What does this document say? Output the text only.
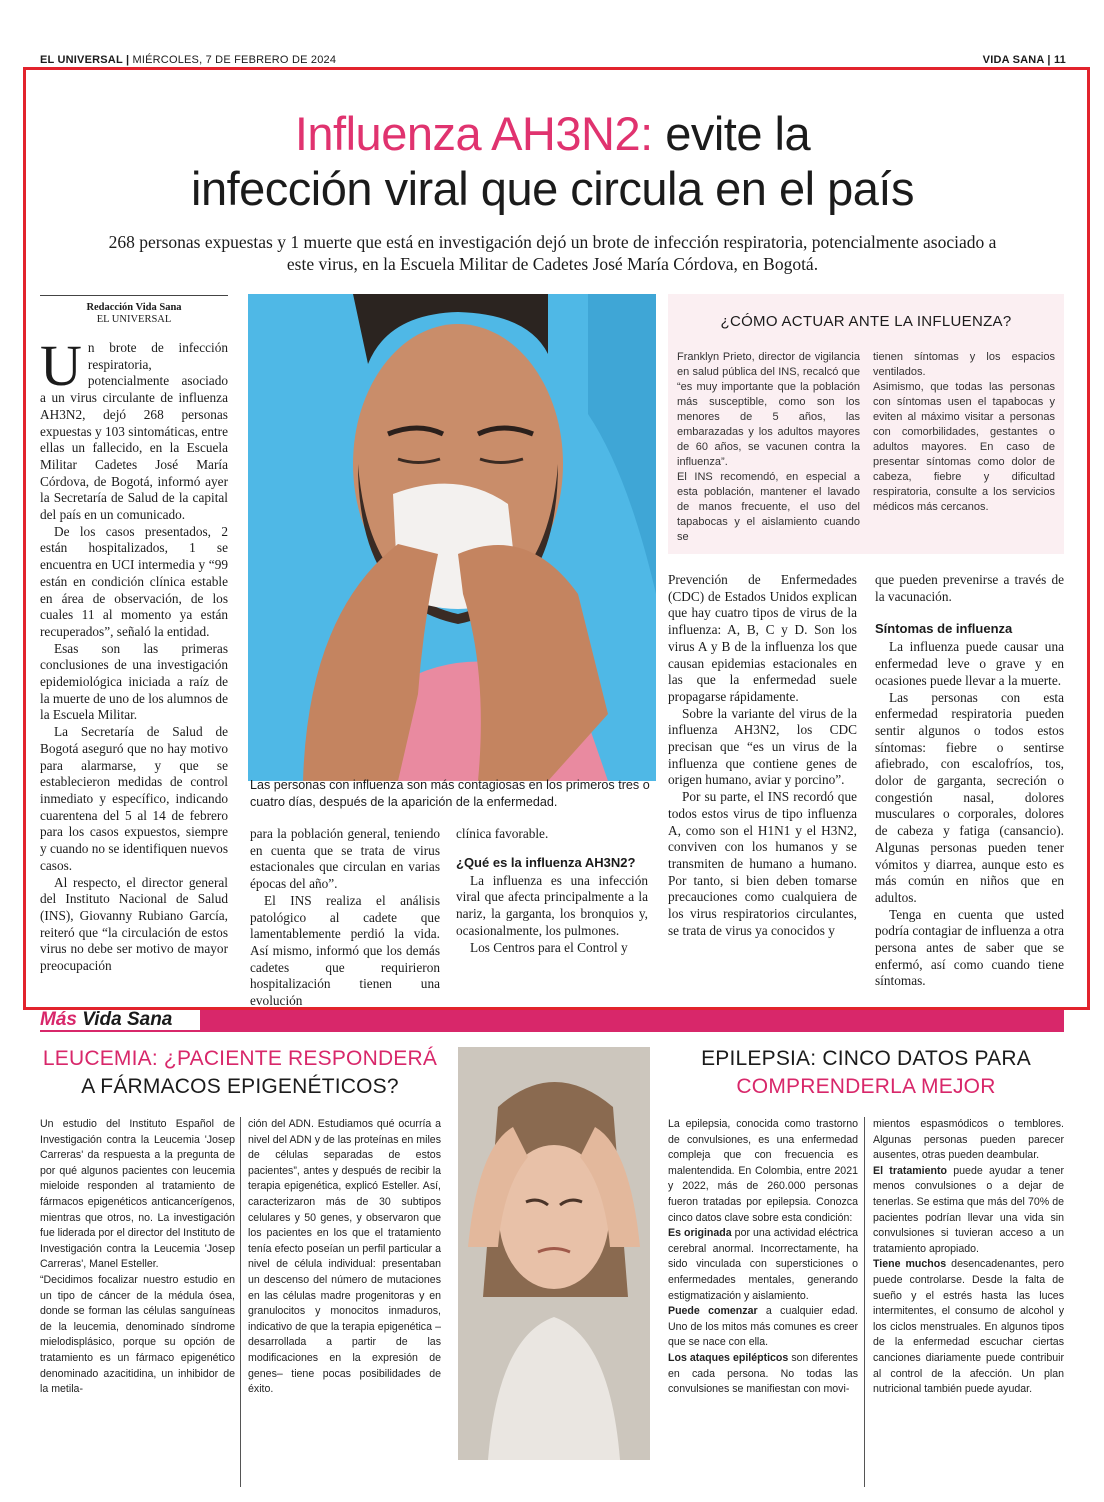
EL UNIVERSAL | MIÉRCOLES, 7 DE FEBRERO DE 2024	VIDA SANA | 11
Influenza AH3N2: evite la
infección viral que circula en el país

268 personas expuestas y 1 muerte que está en investigación dejó un brote de infección respiratoria, potencialmente asociado a este virus, en la Escuela Militar de Cadetes José María Córdova, en Bogotá.

Redacción Vida Sana
EL UNIVERSAL

Un brote de infección respiratoria, potencialmente asociado a un virus circulante de influenza AH3N2, dejó 268 personas expuestas y 103 sintomáticas, entre ellas un fallecido, en la Escuela Militar Cadetes José María Córdova, de Bogotá, informó ayer la Secretaría de Salud de la capital del país en un comunicado.

De los casos presentados, 2 están hospitalizados, 1 se encuentra en UCI intermedia y “99 están en condición clínica estable en área de observación, de los cuales 11 al momento ya están recuperados”, señaló la entidad.

Esas son las primeras conclusiones de una investigación epidemiológica iniciada a raíz de la muerte de uno de los alumnos de la Escuela Militar.

La Secretaría de Salud de Bogotá aseguró que no hay motivo para alarmarse, y que se establecieron medidas de control inmediato y específico, indicando cuarentena del 5 al 14 de febrero para los casos expuestos, siempre y cuando no se identifiquen nuevos casos.

Al respecto, el director general del Instituto Nacional de Salud (INS), Giovanny Rubiano García, reiteró que “la circulación de estos virus no debe ser motivo de mayor preocupación

Las personas con influenza son más contagiosas en los primeros tres o cuatro días, después de la aparición de la enfermedad.

¿CÓMO ACTUAR ANTE LA INFLUENZA?

Franklyn Prieto, director de vigilancia en salud pública del INS, recalcó que “es muy importante que la población más susceptible, como son los menores de 5 años, las embarazadas y los adultos mayores de 60 años, se vacunen contra la influenza”.

El INS recomendó, en especial a esta población, mantener el lavado de manos frecuente, el uso del tapabocas y el aislamiento cuando se

tienen síntomas y los espacios ventilados.

Asimismo, que todas las personas con síntomas usen el tapabocas y eviten al máximo visitar a personas con comorbilidades, gestantes o adultos mayores. En caso de presentar síntomas como dolor de cabeza, fiebre y dificultad respiratoria, consulte a los servicios médicos más cercanos.

para la población general, teniendo en cuenta que se trata de virus estacionales que circulan en varias épocas del año”.

El INS realiza el análisis patológico al cadete que lamentablemente perdió la vida. Así mismo, informó que los demás cadetes que requirieron hospitalización tienen una evolución

clínica favorable.

¿Qué es la influenza AH3N2?

La influenza es una infección viral que afecta principalmente a la nariz, la garganta, los bronquios y, ocasionalmente, los pulmones.

Los Centros para el Control y

Prevención de Enfermedades (CDC) de Estados Unidos explican que hay cuatro tipos de virus de la influenza: A, B, C y D. Son los virus A y B de la influenza los que causan epidemias estacionales en las que la enfermedad suele propagarse rápidamente.

Sobre la variante del virus de la influenza AH3N2, los CDC precisan que “es un virus de la influenza que contiene genes de origen humano, aviar y porcino”.

Por su parte, el INS recordó que todos estos virus de tipo influenza A, como son el H1N1 y el H3N2, conviven con los humanos y se transmiten de humano a humano. Por tanto, si bien deben tomarse precauciones como cualquiera de los virus respiratorios circulantes, se trata de virus ya conocidos y

que pueden prevenirse a través de la vacunación.

Síntomas de influenza

La influenza puede causar una enfermedad leve o grave y en ocasiones puede llevar a la muerte.

Las personas con esta enfermedad respiratoria pueden sentir algunos o todos estos síntomas: fiebre o sentirse afiebrado, con escalofríos, tos, dolor de garganta, secreción o congestión nasal, dolores musculares o corporales, dolores de cabeza y fatiga (cansancio). Algunas personas pueden tener vómitos y diarrea, aunque esto es más común en niños que en adultos.

Tenga en cuenta que usted podría contagiar de influenza a otra persona antes de saber que se enfermó, así como cuando tiene síntomas.

Más Vida Sana
LEUCEMIA: ¿PACIENTE RESPONDERÁ
A FÁRMACOS EPIGENÉTICOS?

Un estudio del Instituto Español de Investigación contra la Leucemia 'Josep Carreras' da respuesta a la pregunta de por qué algunos pacientes con leucemia mieloide responden al tratamiento de fármacos epigenéticos anticancerígenos, mientras que otros, no. La investigación fue liderada por el director del Instituto de Investigación contra la Leucemia 'Josep Carreras', Manel Esteller.

“Decidimos focalizar nuestro estudio en un tipo de cáncer de la médula ósea, donde se forman las células sanguíneas de la leucemia, denominado síndrome mielodisplásico, porque su opción de tratamiento es un fármaco epigenético denominado azacitidina, un inhibidor de la metila-

ción del ADN. Estudiamos qué ocurría a nivel del ADN y de las proteínas en miles de células separadas de estos pacientes”, antes y después de recibir la terapia epigenética, explicó Esteller. Así, caracterizaron más de 30 subtipos celulares y 50 genes, y observaron que los pacientes en los que el tratamiento tenía efecto poseían un perfil particular a nivel de célula individual: presentaban un descenso del número de mutaciones en las células madre progenitoras y en granulocitos y monocitos inmaduros, indicativo de que la terapia epigenética –desarrollada a partir de las modificaciones en la expresión de genes– tiene pocas posibilidades de éxito.

EPILEPSIA: CINCO DATOS PARA
COMPRENDERLA MEJOR

La epilepsia, conocida como trastorno de convulsiones, es una enfermedad compleja que con frecuencia es malentendida. En Colombia, entre 2021 y 2022, más de 260.000 personas fueron tratadas por epilepsia. Conozca cinco datos clave sobre esta condición:

Es originada por una actividad eléctrica cerebral anormal. Incorrectamente, ha sido vinculada con supersticiones o enfermedades mentales, generando estigmatización y aislamiento.

Puede comenzar a cualquier edad. Uno de los mitos más comunes es creer que se nace con ella.

Los ataques epilépticos son diferentes en cada persona. No todas las convulsiones se manifiestan con movi-

mientos espasmódicos o temblores. Algunas personas pueden parecer ausentes, otras pueden deambular.

El tratamiento puede ayudar a tener menos convulsiones o a dejar de tenerlas. Se estima que más del 70% de pacientes podrían llevar una vida sin convulsiones si tuvieran acceso a un tratamiento apropiado.

Tiene muchos desencadenantes, pero puede controlarse. Desde la falta de sueño y el estrés hasta las luces intermitentes, el consumo de alcohol y los ciclos menstruales. En algunos tipos de la enfermedad escuchar ciertas canciones diariamente puede contribuir al control de la afección. Un plan nutricional también puede ayudar.
